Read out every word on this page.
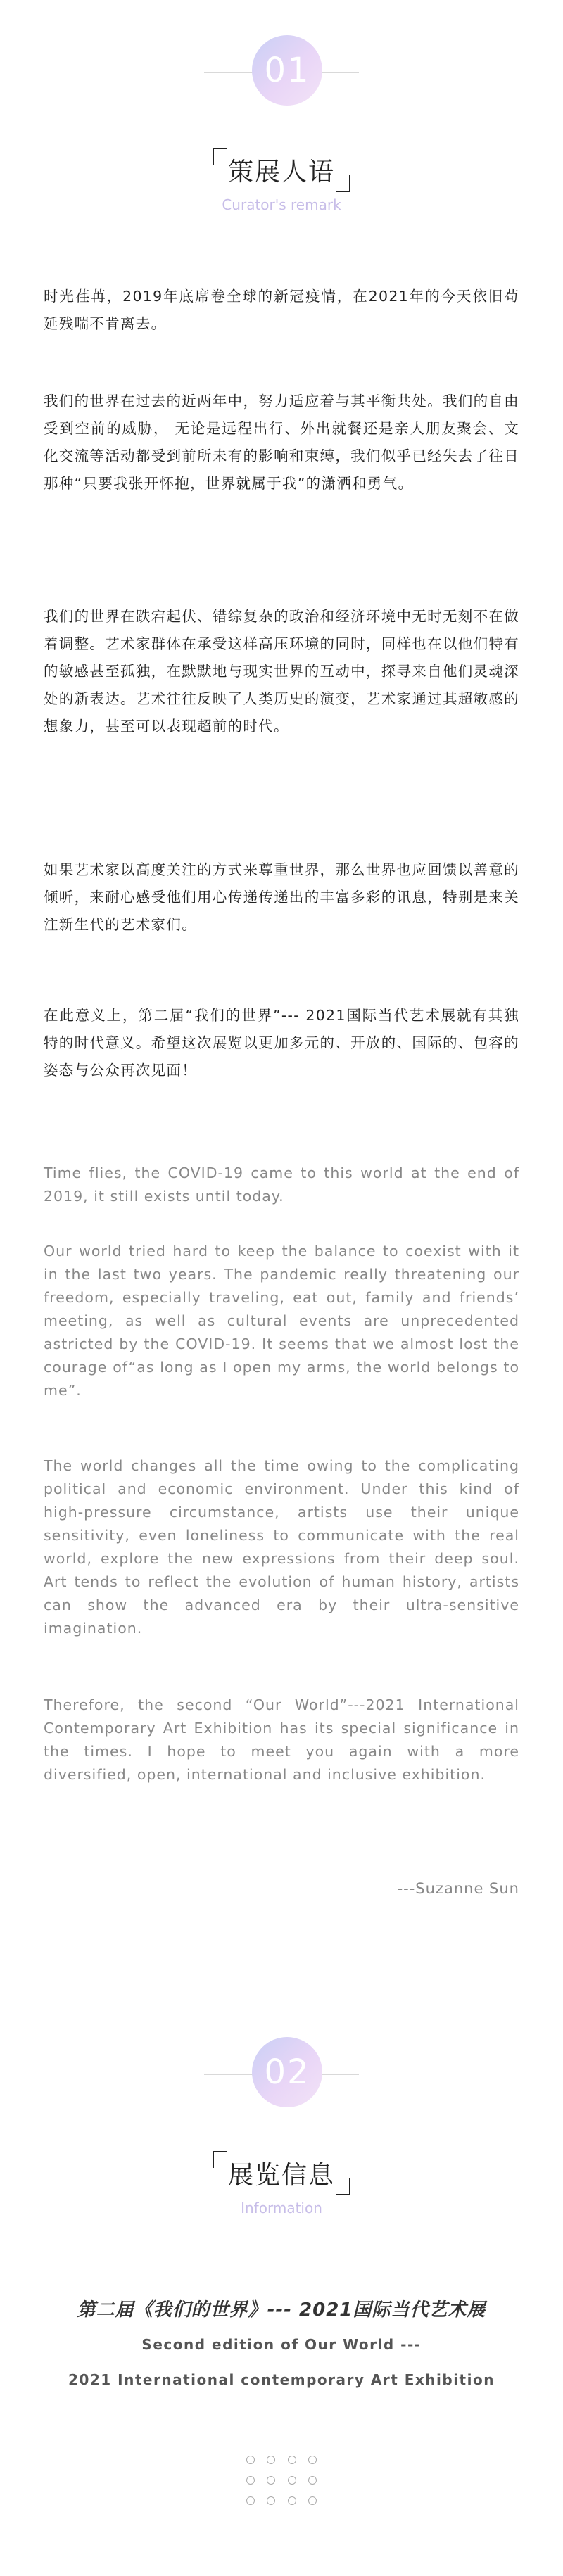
01
策展人语
Curator's remark

时光荏苒，2019年底席卷全球的新冠疫情，在2021年的今天依旧苟延残喘不肯离去。

我们的世界在过去的近两年中，努力适应着与其平衡共处。我们的自由受到空前的威胁， 无论是远程出行、外出就餐还是亲人朋友聚会、文化交流等活动都受到前所未有的影响和束缚，我们似乎已经失去了往日那种“只要我张开怀抱，世界就属于我”的潇洒和勇气。

我们的世界在跌宕起伏、错综复杂的政治和经济环境中无时无刻不在做着调整。艺术家群体在承受这样高压环境的同时，同样也在以他们特有的敏感甚至孤独，在默默地与现实世界的互动中，探寻来自他们灵魂深处的新表达。艺术往往反映了人类历史的演变，艺术家通过其超敏感的想象力，甚至可以表现超前的时代。

如果艺术家以高度关注的方式来尊重世界，那么世界也应回馈以善意的倾听，来耐心感受他们用心传递传递出的丰富多彩的讯息，特别是来关注新生代的艺术家们。

在此意义上，第二届“我们的世界”--- 2021国际当代艺术展就有其独特的时代意义。希望这次展览以更加多元的、开放的、国际的、包容的姿态与公众再次见面！

Time flies, the COVID-19 came to this world at the end of 2019, it still exists until today.

Our world tried hard to keep the balance to coexist with it in the last two years. The pandemic really threatening our freedom, especially traveling, eat out, family and friends’ meeting, as well as cultural events are unprecedented astricted by the COVID-19. It seems that we almost lost the courage of“as long as I open my arms, the world belongs to me”.

The world changes all the time owing to the complicating political and economic environment. Under this kind of high-pressure circumstance, artists use their unique sensitivity, even loneliness to communicate with the real world, explore the new expressions from their deep soul. Art tends to reflect the evolution of human history, artists can show the advanced era by their ultra-sensitive imagination.

Therefore, the second “Our World”---2021 International Contemporary Art Exhibition has its special significance in the times. I hope to meet you again with a more diversified, open, international and inclusive exhibition.

---Suzanne Sun
02
展览信息
Information
第二届《我们的世界》--- 2021国际当代艺术展
Second edition of Our World ---
2021 International contemporary Art Exhibition
